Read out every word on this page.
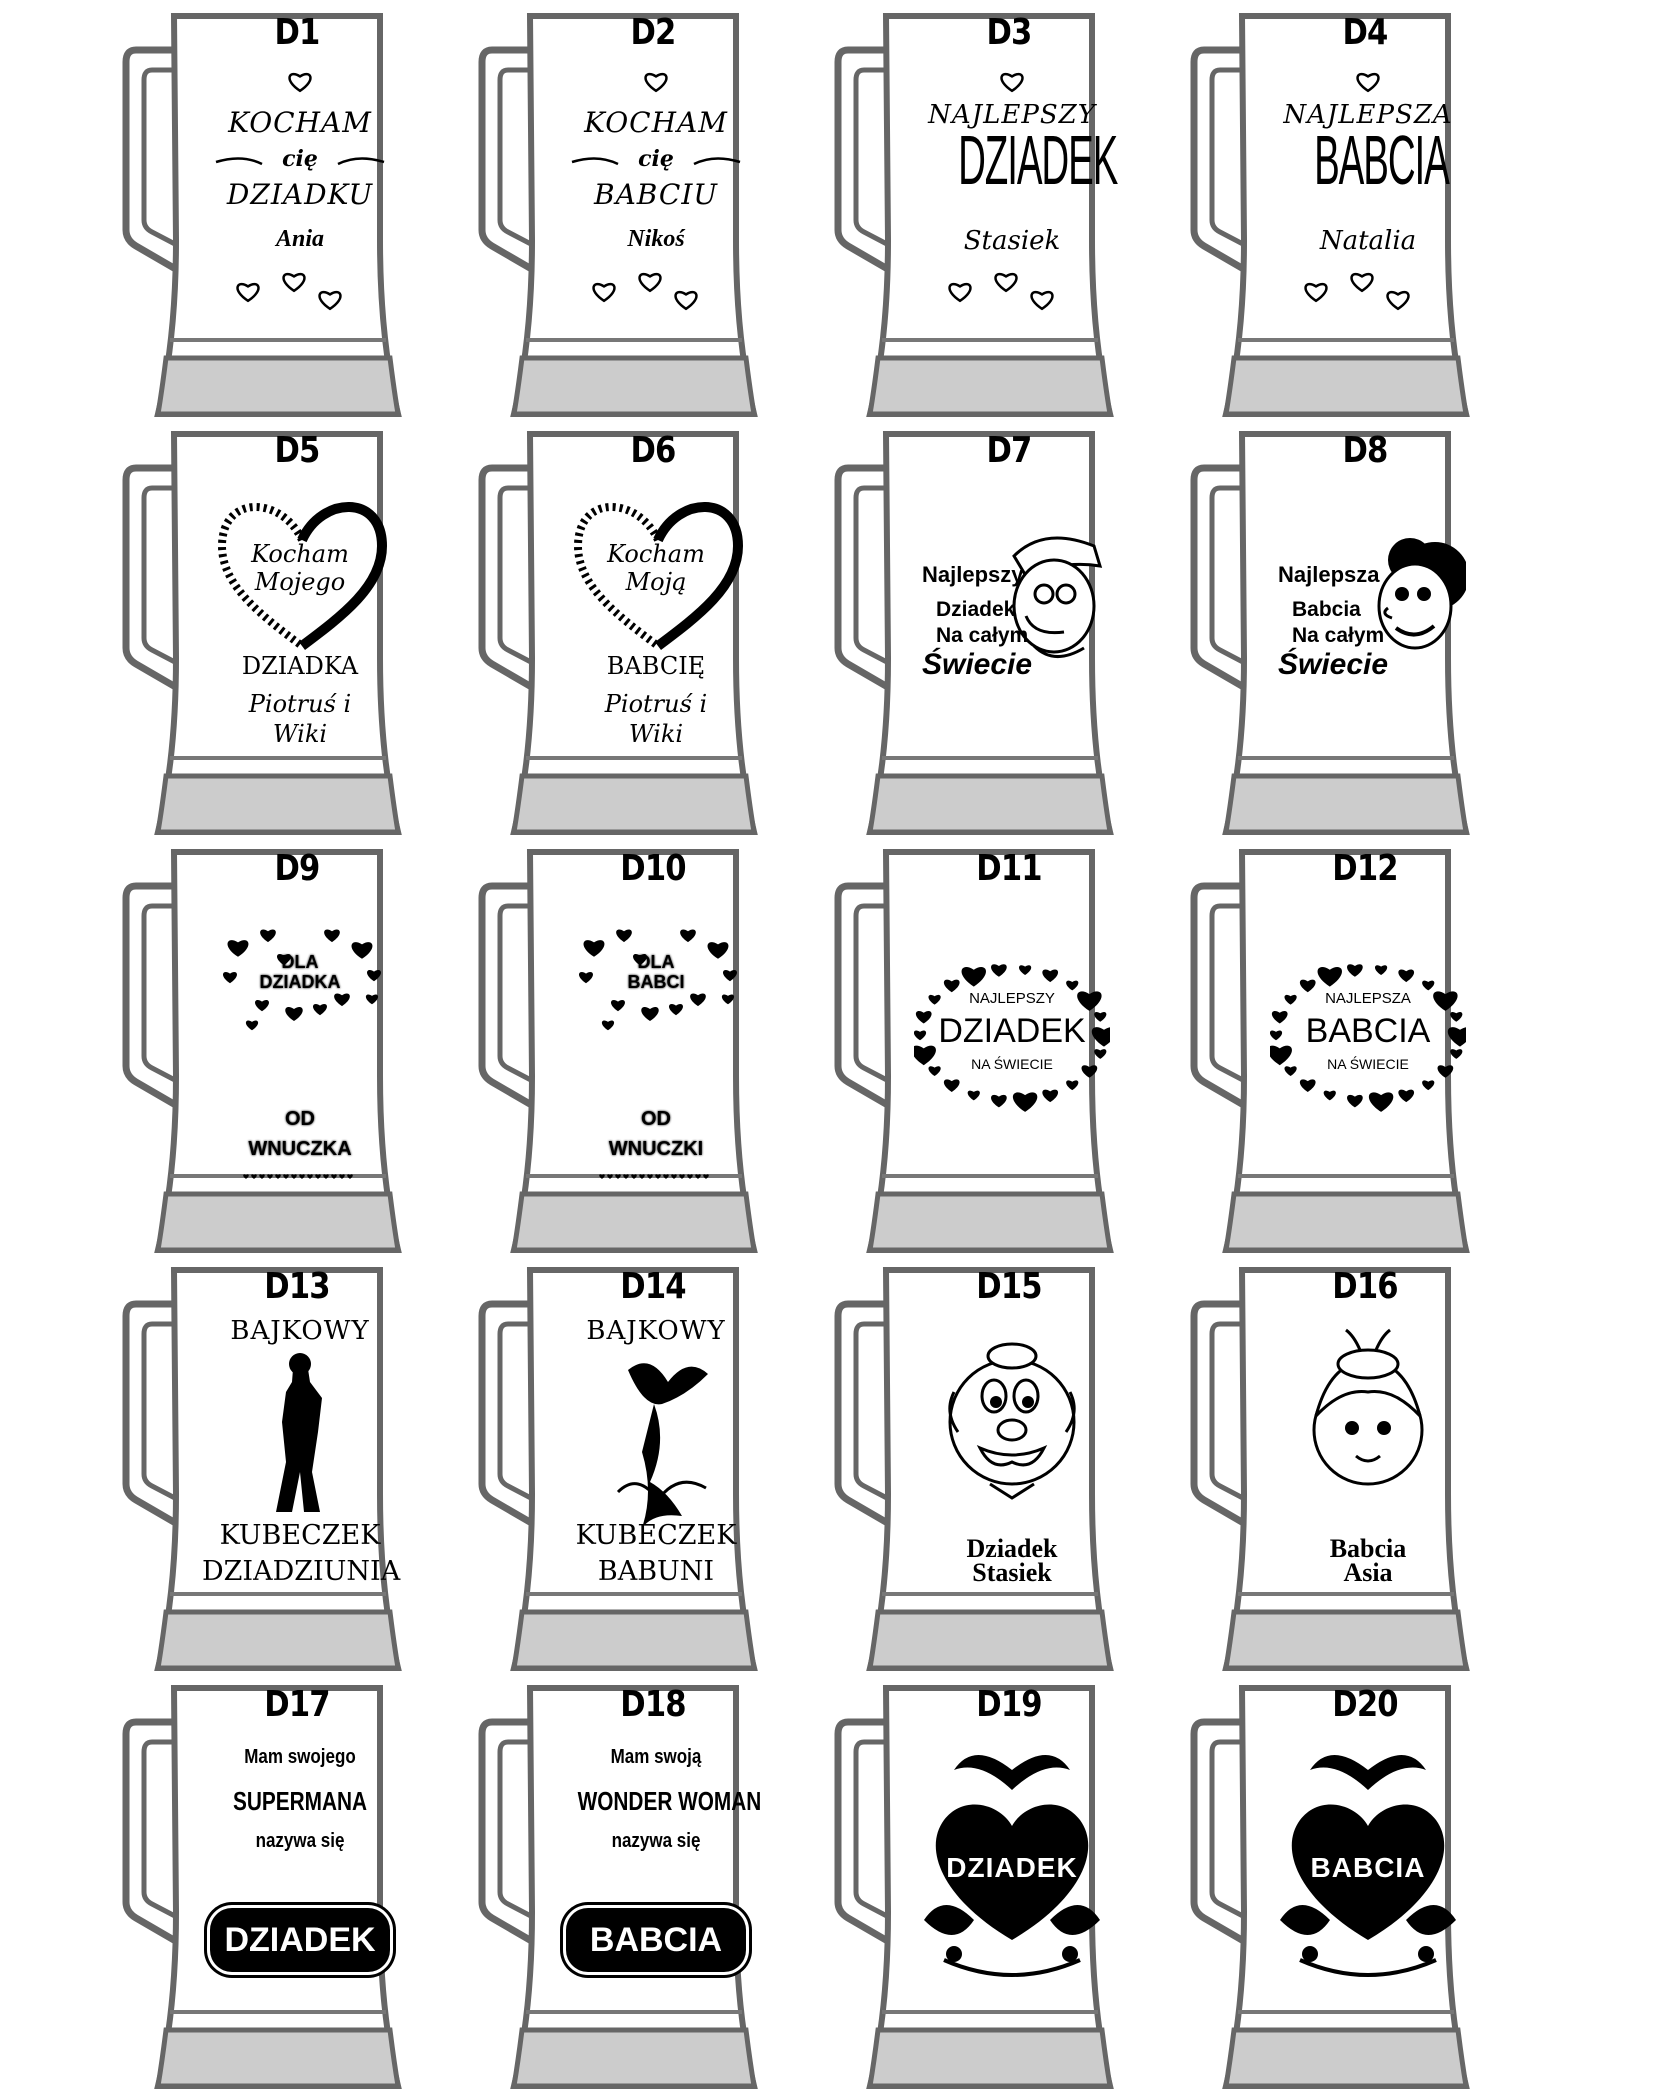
D1
KOCHAM
cię
DZIADKU
Ania
D2
KOCHAM
cię
BABCIU
Nikoś
D3
NAJLEPSZY
DZIADEK
Stasiek
D4
NAJLEPSZA
BABCIA
Natalia
D5
Kocham
Mojego
DZIADKA
Piotruś i
Wiki
D6
Kocham
Moją
BABCIĘ
Piotruś i
Wiki
D7
Najlepszy
Dziadek
Na całym
Świecie
D8
Najlepsza
Babcia
Na całym
Świecie
D9
DLA
DZIADKA
OD
WNUCZKA
D10
DLA
BABCI
OD
WNUCZKI
D11
NAJLEPSZY
DZIADEK
NA ŚWIECIE
D12
NAJLEPSZA
BABCIA
NA ŚWIECIE
D13
BAJKOWY
KUBECZEK
DZIADZIUNIA
D14
BAJKOWY
KUBECZEK
BABUNI
D15
Dziadek
Stasiek
D16
Babcia
Asia
D17
Mam swojego
SUPERMANA
nazywa się
DZIADEK
D18
Mam swoją
WONDER WOMAN
nazywa się
BABCIA
D19
DZIADEK
D20
BABCIA
